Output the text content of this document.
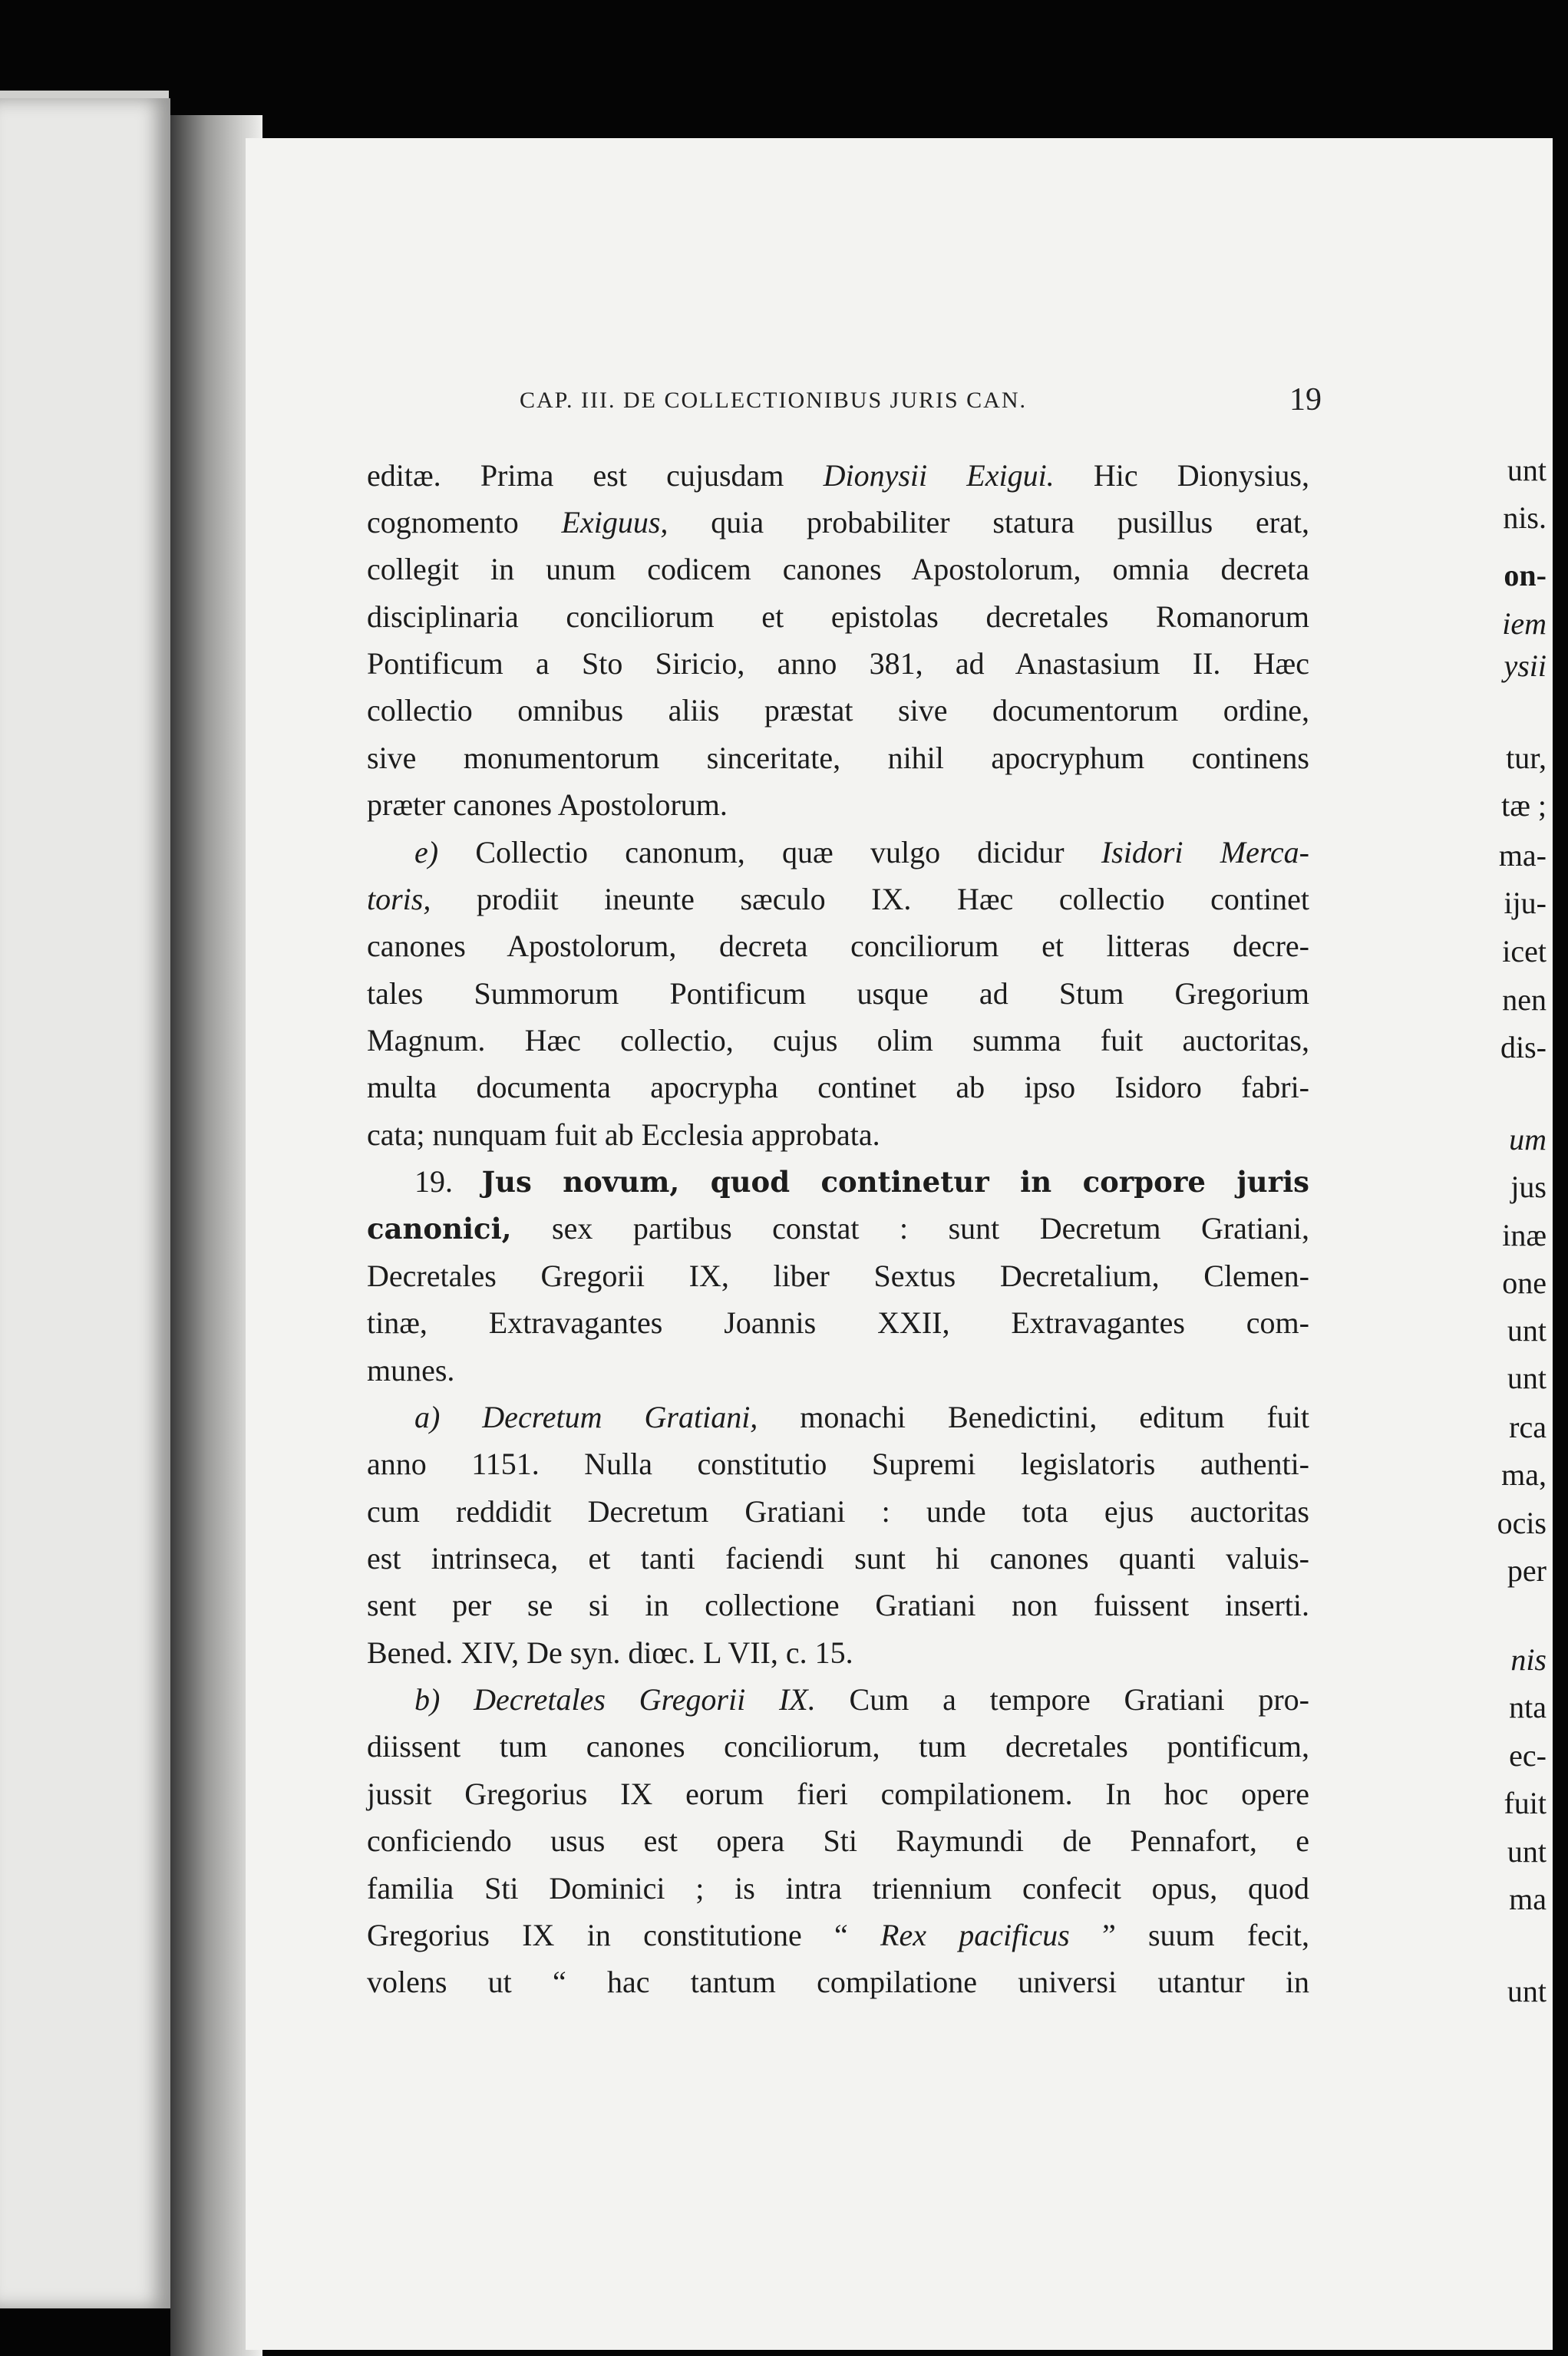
CAP. III. DE COLLECTIONIBUS JURIS CAN.	19
unt
nis.
on-
iem
ysii
tur,
tæ ;
ma-
iju-
icet
nen
dis-
um
jus
inæ
one
unt
unt
rca
ma,
ocis
per
nis
nta
ec-
fuit
unt
ma
unt
editæ. Prima est cujusdam Dionysii Exigui. Hic Dionysius,
cognomento Exiguus, quia probabiliter statura pusillus erat,
collegit in unum codicem canones Apostolorum, omnia decreta
disciplinaria conciliorum et epistolas decretales Romanorum
Pontificum a Sto Siricio, anno 381, ad Anastasium II. Hæc
collectio omnibus aliis præstat sive documentorum ordine,
sive monumentorum sinceritate, nihil apocryphum continens
præter canones Apostolorum.
e) Collectio canonum, quæ vulgo dicidur Isidori Merca-
toris, prodiit ineunte sæculo IX. Hæc collectio continet
canones Apostolorum, decreta conciliorum et litteras decre-
tales Summorum Pontificum usque ad Stum Gregorium
Magnum. Hæc collectio, cujus olim summa fuit auctoritas,
multa documenta apocrypha continet ab ipso Isidoro fabri-
cata; nunquam fuit ab Ecclesia approbata.
19. Jus novum, quod continetur in corpore juris
canonici, sex partibus constat : sunt Decretum Gratiani,
Decretales Gregorii IX, liber Sextus Decretalium, Clemen-
tinæ, Extravagantes Joannis XXII, Extravagantes com-
munes.
a) Decretum Gratiani, monachi Benedictini, editum fuit
anno 1151. Nulla constitutio Supremi legislatoris authenti-
cum reddidit Decretum Gratiani : unde tota ejus auctoritas
est intrinseca, et tanti faciendi sunt hi canones quanti valuis-
sent per se si in collectione Gratiani non fuissent inserti.
Bened. XIV, De syn. diœc. L VII, c. 15.
b) Decretales Gregorii IX. Cum a tempore Gratiani pro-
diissent tum canones conciliorum, tum decretales pontificum,
jussit Gregorius IX eorum fieri compilationem. In hoc opere
conficiendo usus est opera Sti Raymundi de Pennafort, e
familia Sti Dominici ; is intra triennium confecit opus, quod
Gregorius IX in constitutione “ Rex pacificus ” suum fecit,
volens ut “ hac tantum compilatione universi utantur in
